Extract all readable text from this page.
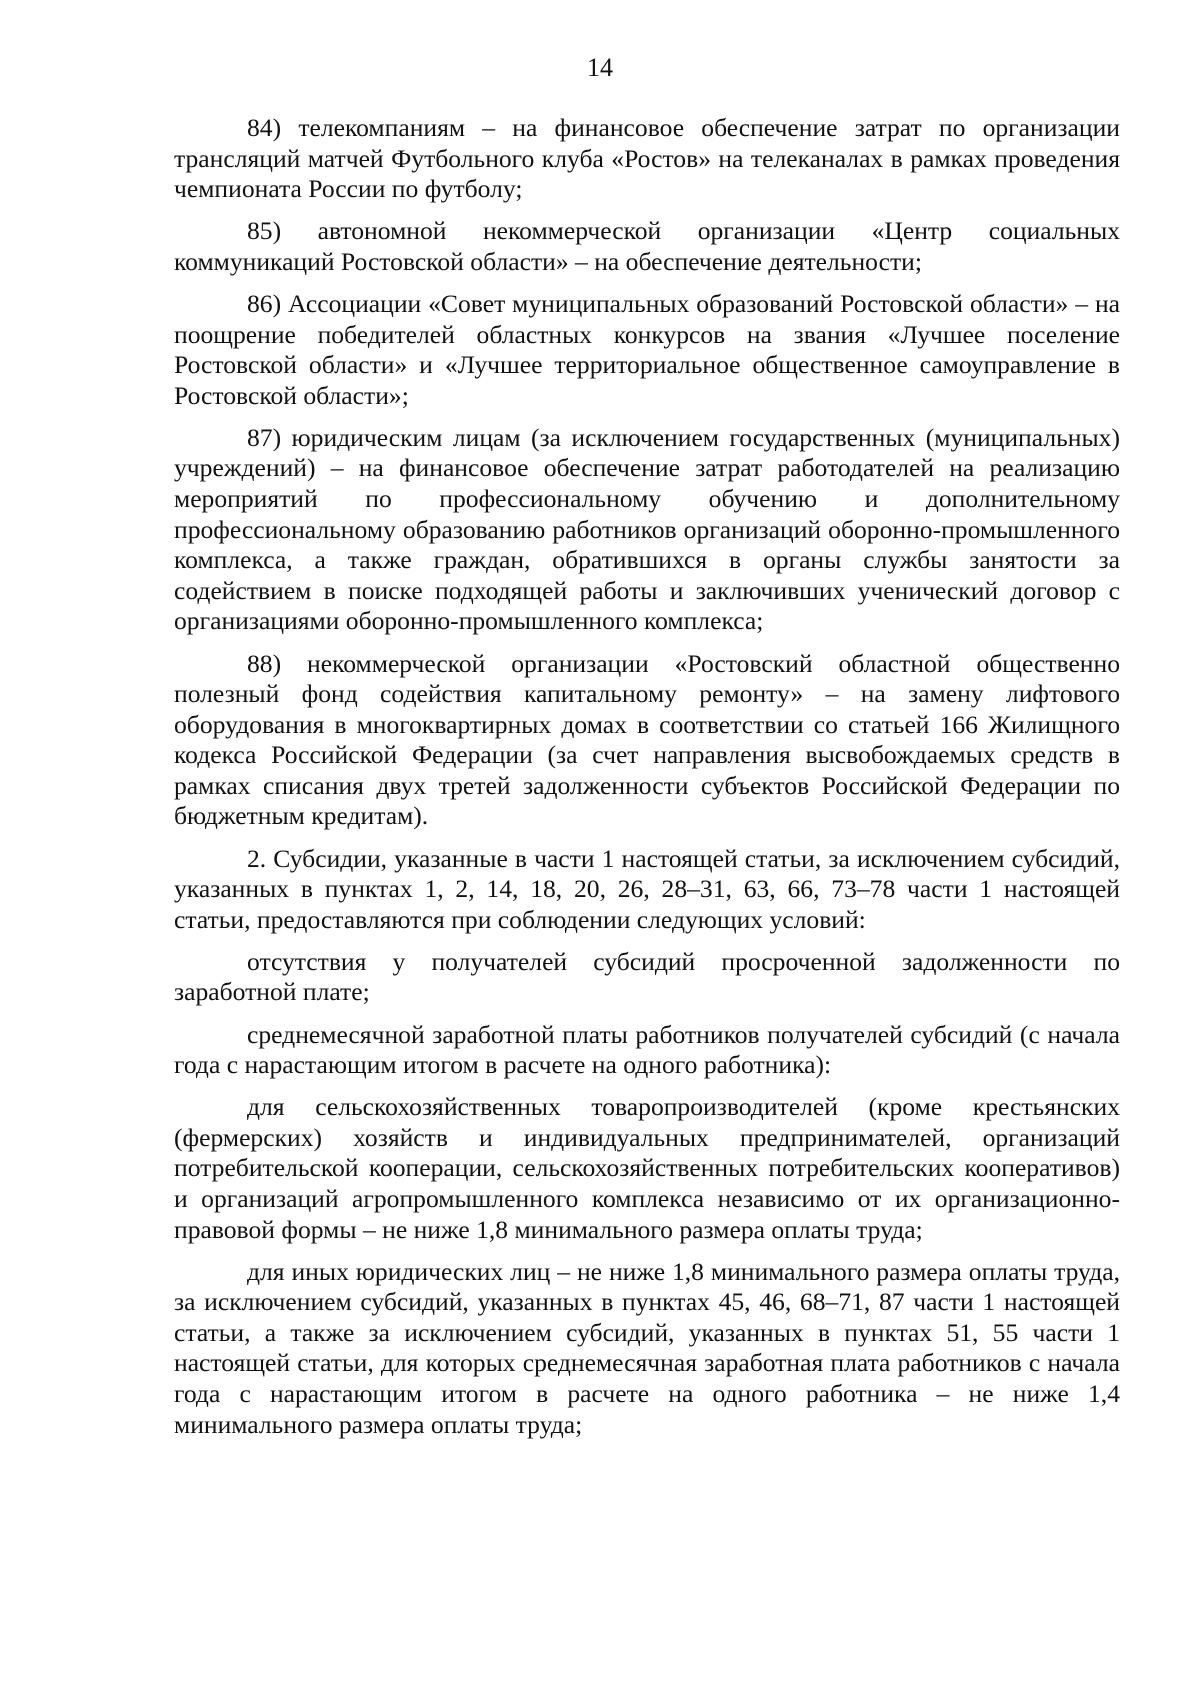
14

84) телекомпаниям – на финансовое обеспечение затрат по организации трансляций матчей Футбольного клуба «Ростов» на телеканалах в рамках проведения чемпионата России по футболу;

85) автономной некоммерческой организации «Центр социальных коммуникаций Ростовской области» – на обеспечение деятельности;

86) Ассоциации «Совет муниципальных образований Ростовской области» – на поощрение победителей областных конкурсов на звания «Лучшее поселение Ростовской области» и «Лучшее территориальное общественное самоуправление в Ростовской области»;

87) юридическим лицам (за исключением государственных (муниципальных) учреждений) – на финансовое обеспечение затрат работодателей на реализацию мероприятий по профессиональному обучению и дополнительному профессиональному образованию работников организаций оборонно-промышленного комплекса, а также граждан, обратившихся в органы службы занятости за содействием в поиске подходящей работы и заключивших ученический договор с организациями оборонно-промышленного комплекса;

88) некоммерческой организации «Ростовский областной общественно полезный фонд содействия капитальному ремонту» – на замену лифтового оборудования в многоквартирных домах в соответствии со статьей 166 Жилищного кодекса Российской Федерации (за счет направления высвобождаемых средств в рамках списания двух третей задолженности субъектов Российской Федерации по бюджетным кредитам).

2. Субсидии, указанные в части 1 настоящей статьи, за исключением субсидий, указанных в пунктах 1, 2, 14, 18, 20, 26, 28–31, 63, 66, 73–78 части 1 настоящей статьи, предоставляются при соблюдении следующих условий:

отсутствия у получателей субсидий просроченной задолженности по заработной плате;

среднемесячной заработной платы работников получателей субсидий (с начала года с нарастающим итогом в расчете на одного работника):

для сельскохозяйственных товаропроизводителей (кроме крестьянских (фермерских) хозяйств и индивидуальных предпринимателей, организаций потребительской кооперации, сельскохозяйственных потребительских кооперативов) и организаций агропромышленного комплекса независимо от их организационно-правовой формы – не ниже 1,8 минимального размера оплаты труда;

для иных юридических лиц – не ниже 1,8 минимального размера оплаты труда, за исключением субсидий, указанных в пунктах 45, 46, 68–71, 87 части 1 настоящей статьи, а также за исключением субсидий, указанных в пунктах 51, 55 части 1 настоящей статьи, для которых среднемесячная заработная плата работников с начала года с нарастающим итогом в расчете на одного работника – не ниже 1,4 минимального размера оплаты труда;
